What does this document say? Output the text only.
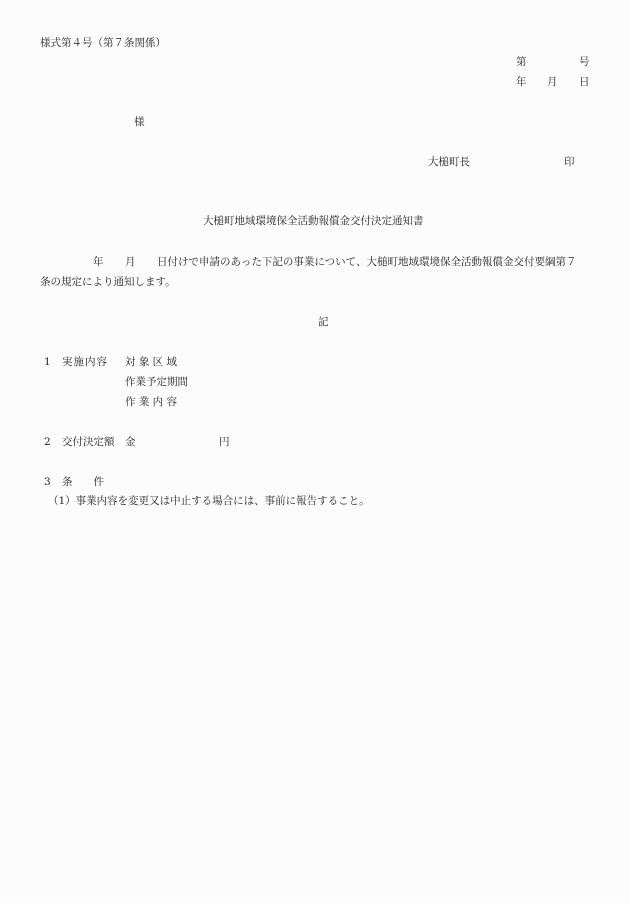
様式第４号（第７条関係）
第	号
年 月 日
様
大槌町長	印
大槌町地域環境保全活動報償金交付決定通知書
年 月 日付けで申請のあった下記の事業について、大槌町地域環境保全活動報償金交付要綱第７
条の規定により通知します。
記
1 実施内容 対 象 区 域
作業予定期間
作 業 内 容
2 交付決定額 金	円
3 条　　件
（1）事業内容を変更又は中止する場合には、事前に報告すること。
